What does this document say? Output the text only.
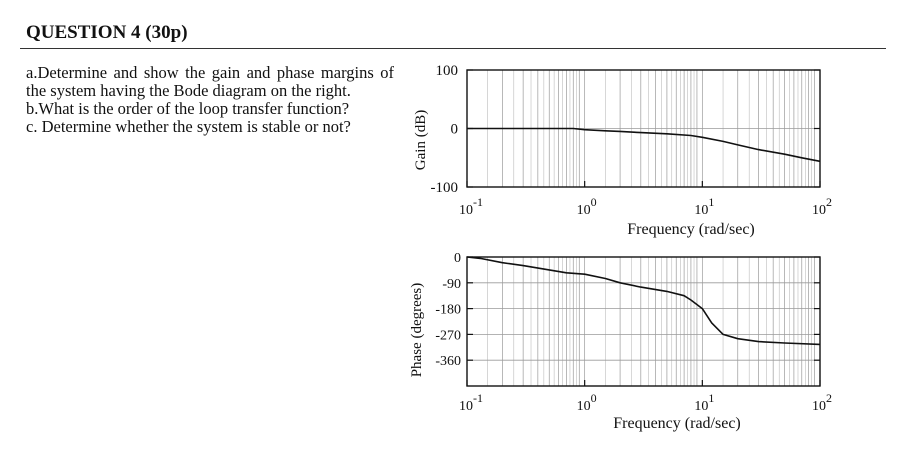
QUESTION 4 (30p)

a.Determine and show the gain and phase margins of the system having the Bode diagram on the right.

b.What is the order of the loop transfer function?

c. Determine whether the system is stable or not?

100
0
-100
10-1
100
101
102
Frequency (rad/sec)
Gain (dB)
0
-90
-180
-270
-360
10-1
100
101
102
Frequency (rad/sec)
Phase (degrees)
